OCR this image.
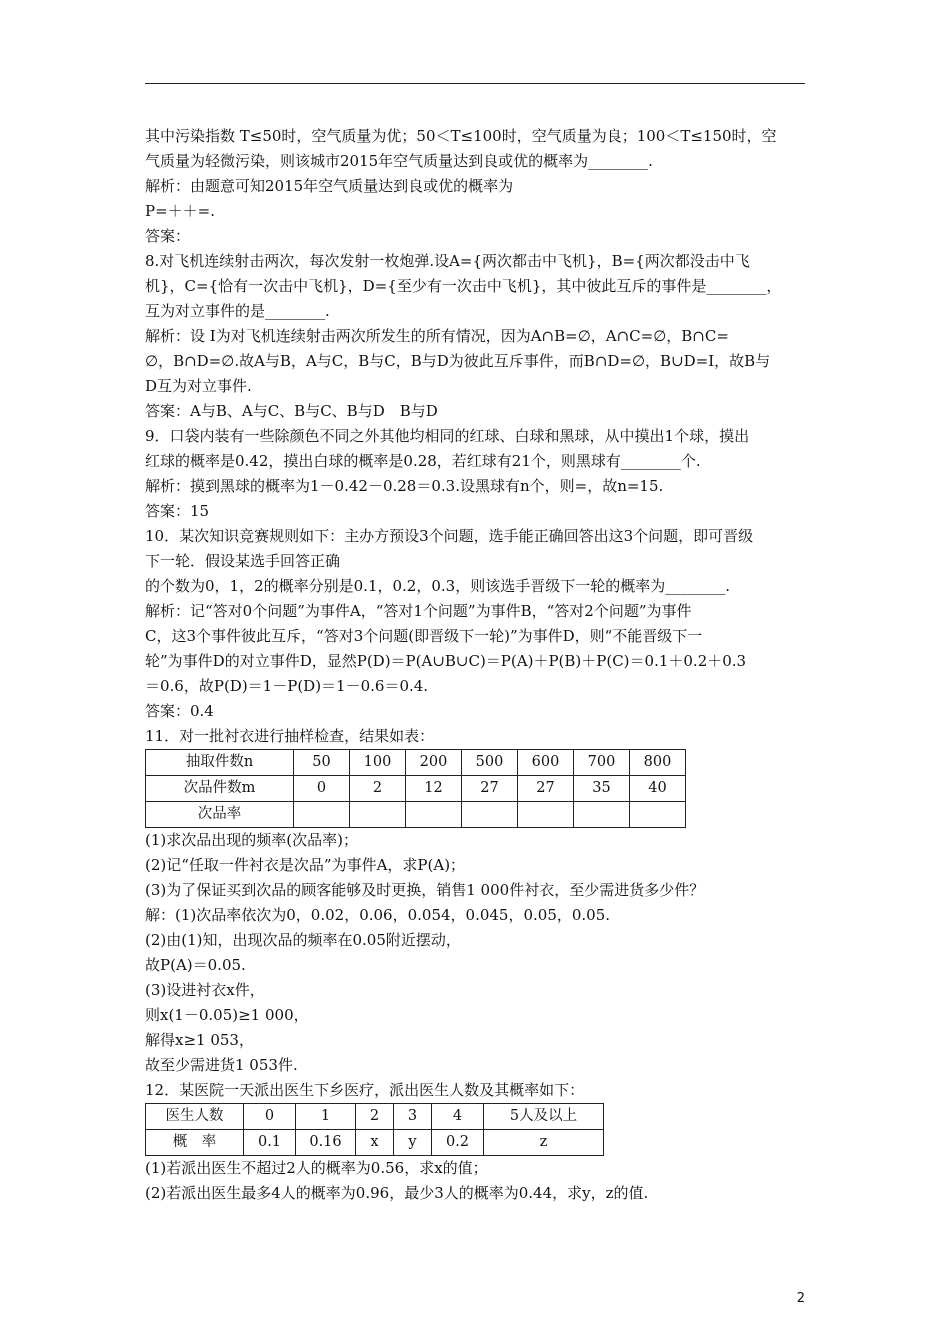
其中污染指数 T≤50时，空气质量为优；50＜T≤100时，空气质量为良；100＜T≤150时，空
气质量为轻微污染，则该城市2015年空气质量达到良或优的概率为________.
解析：由题意可知2015年空气质量达到良或优的概率为
P=＋＋=.
答案：
8.对飞机连续射击两次，每次发射一枚炮弹.设A={两次都击中飞机}，B={两次都没击中飞
机}，C={恰有一次击中飞机}，D={至少有一次击中飞机}，其中彼此互斥的事件是________，
互为对立事件的是________.
解析：设 I为对飞机连续射击两次所发生的所有情况，因为A∩B=∅，A∩C=∅，B∩C=
∅，B∩D=∅.故A与B，A与C，B与C，B与D为彼此互斥事件，而B∩D=∅，B∪D=I，故B与
D互为对立事件.
答案：A与B、A与C、B与C、B与D　B与D
9．口袋内装有一些除颜色不同之外其他均相同的红球、白球和黑球，从中摸出1个球，摸出
红球的概率是0.42，摸出白球的概率是0.28，若红球有21个，则黑球有________个.
解析：摸到黑球的概率为1－0.42－0.28＝0.3.设黑球有n个，则=，故n=15.
答案：15
10．某次知识竞赛规则如下：主办方预设3个问题，选手能正确回答出这3个问题，即可晋级
下一轮．假设某选手回答正确
的个数为0，1，2的概率分别是0.1，0.2，0.3，则该选手晋级下一轮的概率为________.
解析：记“答对0个问题”为事件A，“答对1个问题”为事件B，“答对2个问题”为事件
C，这3个事件彼此互斥，“答对3个问题(即晋级下一轮)”为事件D，则“不能晋级下一
轮”为事件D的对立事件D，显然P(D)＝P(A∪B∪C)＝P(A)＋P(B)＋P(C)＝0.1＋0.2＋0.3
＝0.6，故P(D)＝1－P(D)＝1－0.6＝0.4.
答案：0.4
11．对一批衬衣进行抽样检查，结果如表：
抽取件数n	50	100	200	500	600	700	800
次品件数m	0	2	12	27	27	35	40
次品率							
(1)求次品出现的频率(次品率)；
(2)记“任取一件衬衣是次品”为事件A，求P(A)；
(3)为了保证买到次品的顾客能够及时更换，销售1 000件衬衣，至少需进货多少件？
解：(1)次品率依次为0，0.02，0.06，0.054，0.045，0.05，0.05.
(2)由(1)知，出现次品的频率在0.05附近摆动，
故P(A)＝0.05.
(3)设进衬衣x件，
则x(1－0.05)≥1 000，
解得x≥1 053，
故至少需进货1 053件.
12．某医院一天派出医生下乡医疗，派出医生人数及其概率如下：
医生人数	0	1	2	3	4	5人及以上
概　率	0.1	0.16	x	y	0.2	z
(1)若派出医生不超过2人的概率为0.56，求x的值；
(2)若派出医生最多4人的概率为0.96，最少3人的概率为0.44，求y，z的值.
2
